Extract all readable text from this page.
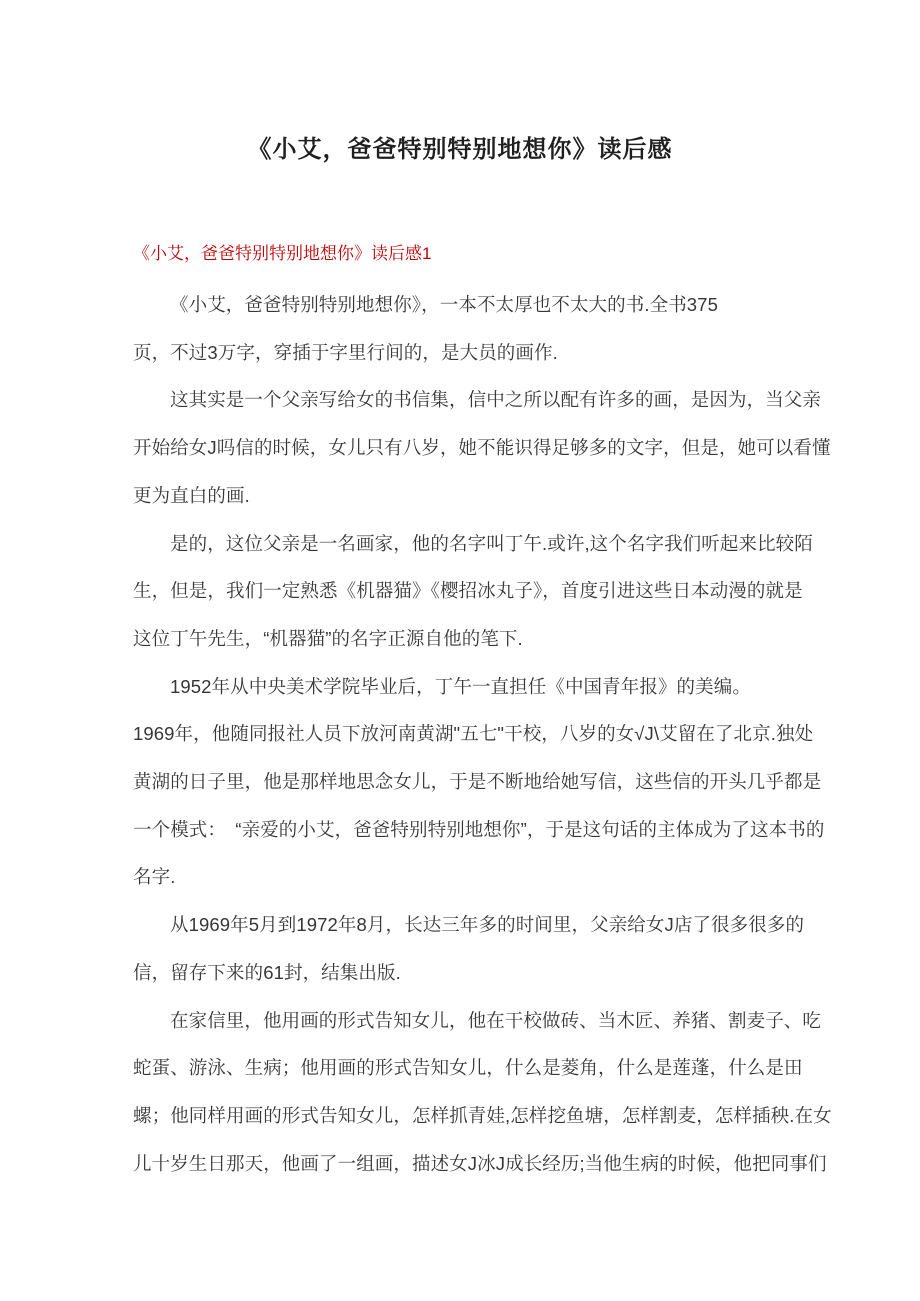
《小艾，爸爸特别特别地想你》读后感
《小艾，爸爸特别特别地想你》读后感1
《小艾，爸爸特别特别地想你》，一本不太厚也不太大的书.全书375
页，不过3万字，穿插于字里行间的，是大员的画作.
这其实是一个父亲写给女的书信集，信中之所以配有许多的画，是因为，当父亲
开始给女J吗信的时候，女儿只有八岁，她不能识得足够多的文字，但是，她可以看懂
更为直白的画.
是的，这位父亲是一名画家，他的名字叫丁午.或许,这个名字我们听起来比较陌
生，但是，我们一定熟悉《机器猫》《樱招冰丸子》，首度引进这些日本动漫的就是
这位丁午先生，“机器猫”的名字正源自他的笔下.
1952年从中央美术学院毕业后，丁午一直担任《中国青年报》的美编。
1969年，他随同报社人员下放河南黄湖"五七"干校，八岁的女√J\艾留在了北京.独处
黄湖的日子里，他是那样地思念女儿，于是不断地给她写信，这些信的开头几乎都是
一个模式：　“亲爱的小艾，爸爸特别特别地想你”，于是这句话的主体成为了这本书的
名字.
从1969年5月到1972年8月，长达三年多的时间里，父亲给女J店了很多很多的
信，留存下来的61封，结集出版.
在家信里，他用画的形式告知女儿，他在干校做砖、当木匠、养猪、割麦子、吃
蛇蛋、游泳、生病；他用画的形式告知女儿，什么是菱角，什么是莲蓬，什么是田
螺；他同样用画的形式告知女儿，怎样抓青娃,怎样挖鱼塘，怎样割麦，怎样插秧.在女
儿十岁生日那天，他画了一组画，描述女J冰J成长经历;当他生病的时候，他把同事们
